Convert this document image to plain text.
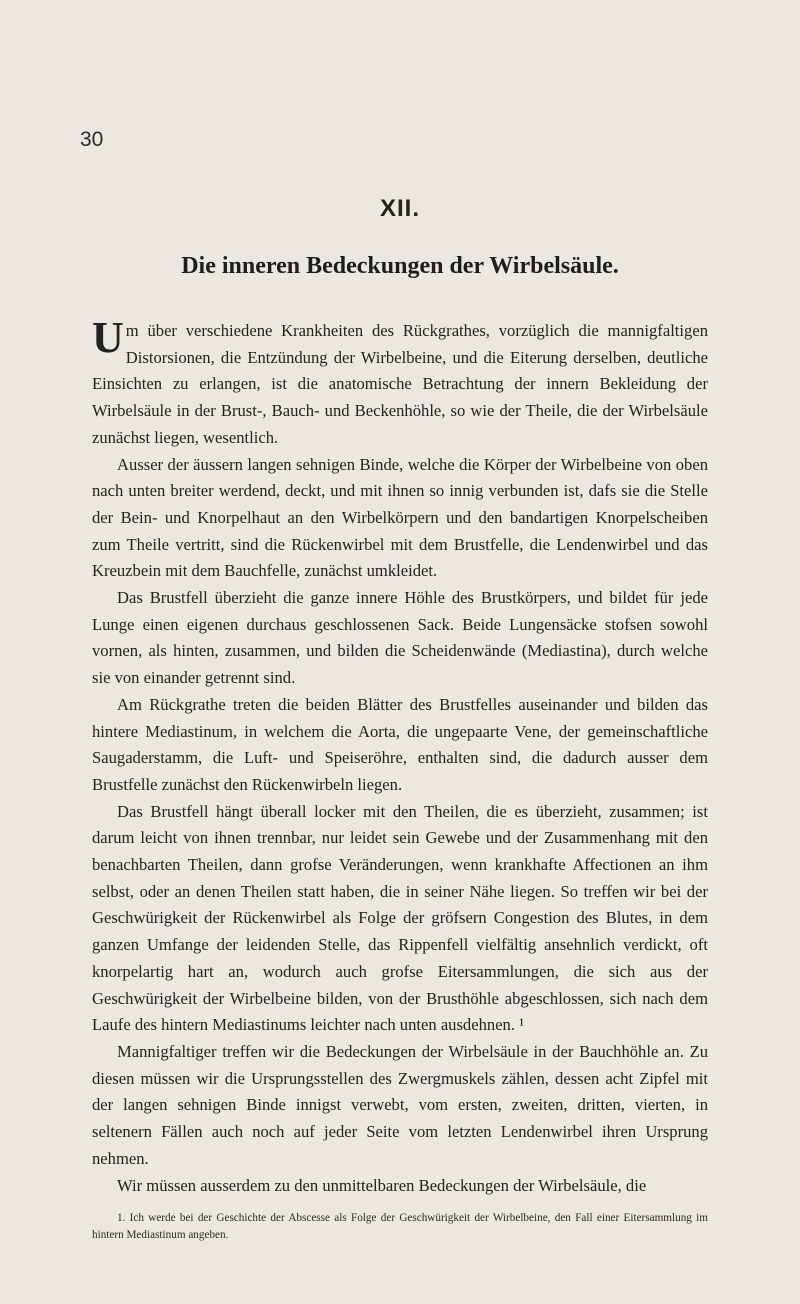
30
XII.
Die inneren Bedeckungen der Wirbelsäule.

Um über verschiedene Krankheiten des Rückgrathes, vorzüglich die mannigfaltigen Distorsionen, die Entzündung der Wirbelbeine, und die Eiterung derselben, deutliche Einsichten zu erlangen, ist die anatomische Betrachtung der innern Bekleidung der Wirbelsäule in der Brust-, Bauch- und Beckenhöhle, so wie der Theile, die der Wirbelsäule zunächst liegen, wesentlich.

Ausser der äussern langen sehnigen Binde, welche die Körper der Wirbelbeine von oben nach unten breiter werdend, deckt, und mit ihnen so innig verbunden ist, dafs sie die Stelle der Bein- und Knorpelhaut an den Wirbelkörpern und den bandartigen Knorpelscheiben zum Theile vertritt, sind die Rückenwirbel mit dem Brustfelle, die Lendenwirbel und das Kreuzbein mit dem Bauchfelle, zunächst umkleidet.

Das Brustfell überzieht die ganze innere Höhle des Brustkörpers, und bildet für jede Lunge einen eigenen durchaus geschlossenen Sack. Beide Lungensäcke stofsen sowohl vornen, als hinten, zusammen, und bilden die Scheidenwände (Mediastina), durch welche sie von einander getrennt sind.

Am Rückgrathe treten die beiden Blätter des Brustfelles auseinander und bilden das hintere Mediastinum, in welchem die Aorta, die ungepaarte Vene, der gemeinschaftliche Saugaderstamm, die Luft- und Speiseröhre, enthalten sind, die dadurch ausser dem Brustfelle zunächst den Rückenwirbeln liegen.

Das Brustfell hängt überall locker mit den Theilen, die es überzieht, zusammen; ist darum leicht von ihnen trennbar, nur leidet sein Gewebe und der Zusammenhang mit den benachbarten Theilen, dann grofse Veränderungen, wenn krankhafte Affectionen an ihm selbst, oder an denen Theilen statt haben, die in seiner Nähe liegen. So treffen wir bei der Geschwürigkeit der Rückenwirbel als Folge der gröfsern Congestion des Blutes, in dem ganzen Umfange der leidenden Stelle, das Rippenfell vielfältig ansehnlich verdickt, oft knorpelartig hart an, wodurch auch grofse Eitersammlungen, die sich aus der Geschwürigkeit der Wirbelbeine bilden, von der Brusthöhle abgeschlossen, sich nach dem Laufe des hintern Mediastinums leichter nach unten ausdehnen. ¹

Mannigfaltiger treffen wir die Bedeckungen der Wirbelsäule in der Bauchhöhle an. Zu diesen müssen wir die Ursprungsstellen des Zwergmuskels zählen, dessen acht Zipfel mit der langen sehnigen Binde innigst verwebt, vom ersten, zweiten, dritten, vierten, in seltenern Fällen auch noch auf jeder Seite vom letzten Lendenwirbel ihren Ursprung nehmen.

Wir müssen ausserdem zu den unmittelbaren Bedeckungen der Wirbelsäule, die

1. Ich werde bei der Geschichte der Abscesse als Folge der Geschwürigkeit der Wirbelbeine, den Fall einer Eitersammlung im hintern Mediastinum angeben.
